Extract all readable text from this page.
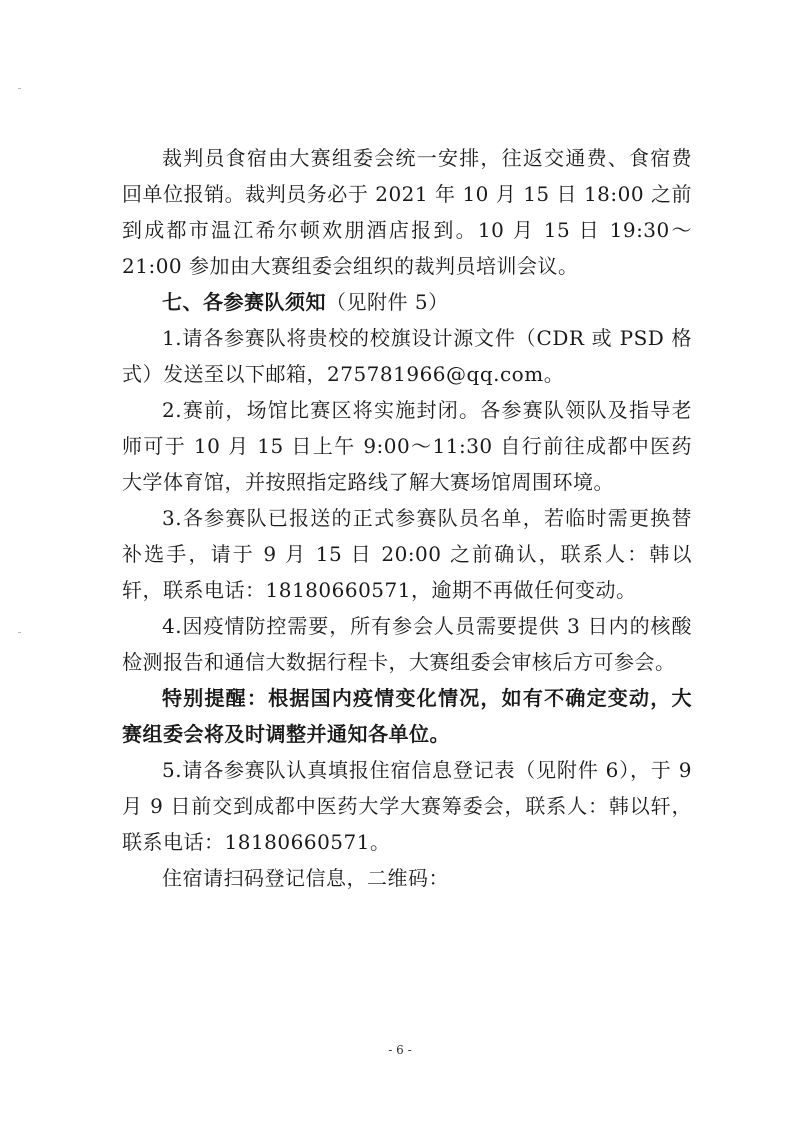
裁判员食宿由大赛组委会统一安排，往返交通费、食宿费回单位报销。裁判员务必于 2021 年 10 月 15 日 18:00 之前到成都市温江希尔顿欢朋酒店报到。10 月 15 日 19:30～21:00 参加由大赛组委会组织的裁判员培训会议。

七、各参赛队须知（见附件 5）

1.请各参赛队将贵校的校旗设计源文件（CDR 或 PSD 格式）发送至以下邮箱，275781966@qq.com。

2.赛前，场馆比赛区将实施封闭。各参赛队领队及指导老师可于 10 月 15 日上午 9:00～11:30 自行前往成都中医药大学体育馆，并按照指定路线了解大赛场馆周围环境。

3.各参赛队已报送的正式参赛队员名单，若临时需更换替补选手，请于 9 月 15 日 20:00 之前确认，联系人：韩以轩，联系电话：18180660571，逾期不再做任何变动。

4.因疫情防控需要，所有参会人员需要提供 3 日内的核酸检测报告和通信大数据行程卡，大赛组委会审核后方可参会。

特别提醒：根据国内疫情变化情况，如有不确定变动，大赛组委会将及时调整并通知各单位。

5.请各参赛队认真填报住宿信息登记表（见附件 6），于 9 月 9 日前交到成都中医药大学大赛筹委会，联系人：韩以轩，联系电话：18180660571。

住宿请扫码登记信息，二维码：

- 6 -
